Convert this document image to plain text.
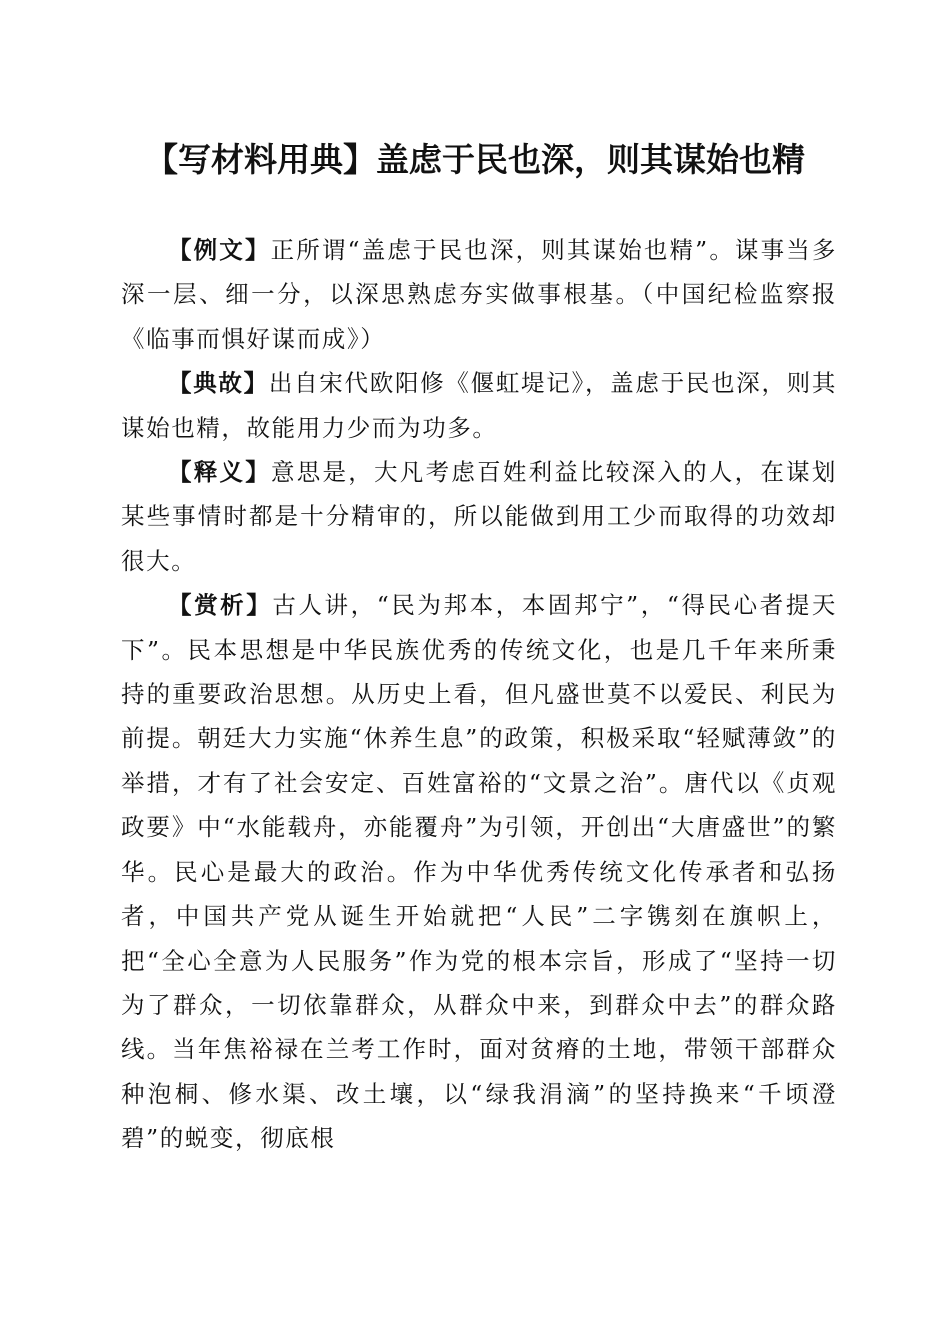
【写材料用典】盖虑于民也深，则其谋始也精

【例文】正所谓“盖虑于民也深，则其谋始也精”。谋事当多深一层、细一分，以深思熟虑夯实做事根基。（中国纪检监察报《临事而惧好谋而成》）

【典故】出自宋代欧阳修《偃虹堤记》，盖虑于民也深，则其谋始也精，故能用力少而为功多。

【释义】意思是，大凡考虑百姓利益比较深入的人，在谋划某些事情时都是十分精审的，所以能做到用工少而取得的功效却很大。

【赏析】古人讲，“民为邦本，本固邦宁”，“得民心者提天下”。民本思想是中华民族优秀的传统文化，也是几千年来所秉持的重要政治思想。从历史上看，但凡盛世莫不以爱民、利民为前提。朝廷大力实施“休养生息”的政策，积极采取“轻赋薄敛”的举措，才有了社会安定、百姓富裕的“文景之治”。唐代以《贞观政要》中“水能载舟，亦能覆舟”为引领，开创出“大唐盛世”的繁华。民心是最大的政治。作为中华优秀传统文化传承者和弘扬者，中国共产党从诞生开始就把“人民”二字镌刻在旗帜上，把“全心全意为人民服务”作为党的根本宗旨，形成了“坚持一切为了群众，一切依靠群众，从群众中来，到群众中去”的群众路线。当年焦裕禄在兰考工作时，面对贫瘠的土地，带领干部群众种泡桐、修水渠、改土壤，以“绿我涓滴”的坚持换来“千顷澄碧”的蜕变，彻底根
